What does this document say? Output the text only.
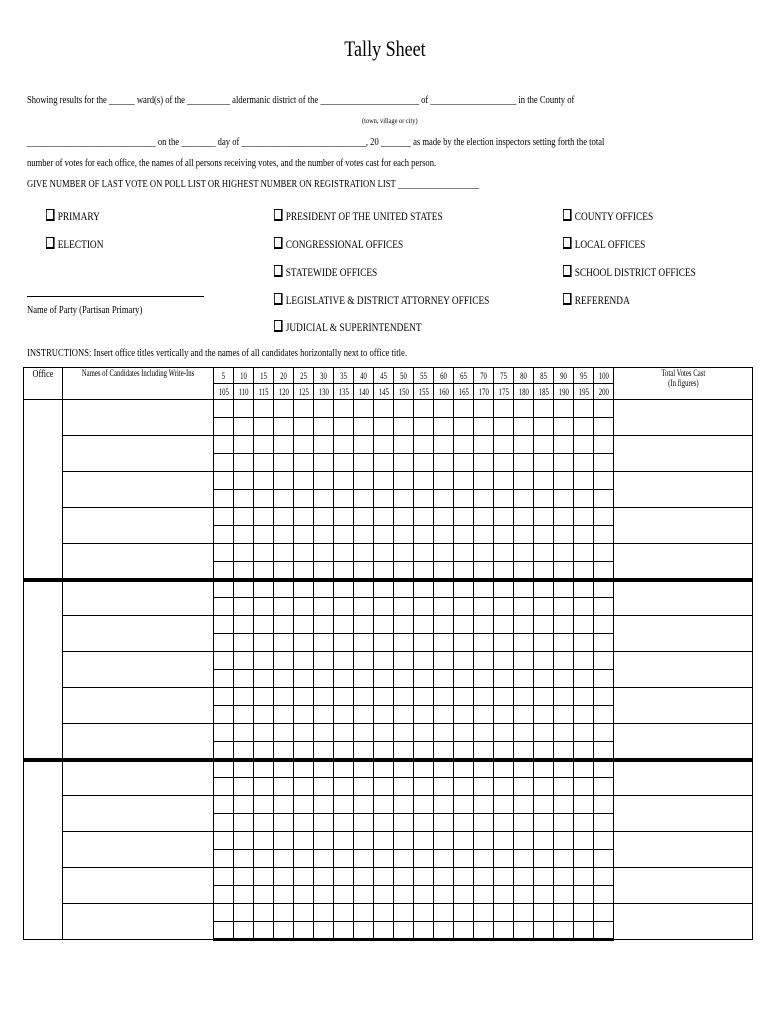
Tally Sheet
Showing results for the ______ ward(s) of the __________ aldermanic district of the _______________________ of ____________________ in the County of
(town, village or city)
______________________________ on the ________ day of _____________________________, 20 _______ as made by the election inspectors setting forth the total
number of votes for each office, the names of all persons receiving votes, and the number of votes cast for each person.
GIVE NUMBER OF LAST VOTE ON POLL LIST OR HIGHEST NUMBER ON REGISTRATION LIST ___________________
PRIMARY
ELECTION
PRESIDENT OF THE UNITED STATES
CONGRESSIONAL OFFICES
STATEWIDE OFFICES
LEGISLATIVE & DISTRICT ATTORNEY OFFICES
JUDICIAL & SUPERINTENDENT
COUNTY OFFICES
LOCAL OFFICES
SCHOOL DISTRICT OFFICES
REFERENDA
Name of Party (Partisan Primary)
INSTRUCTIONS: Insert office titles vertically and the names of all candidates horizontally next to office title.
Office	Names of Candidates Including Write-Ins	5	10	15	20	25	30	35	40	45	50	55	60	65	70	75	80	85	90	95	100	Total Votes Cast
(In figures)
		105	110	115	120	125	130	135	140	145	150	155	160	165	170	175	180	185	190	195	200	
